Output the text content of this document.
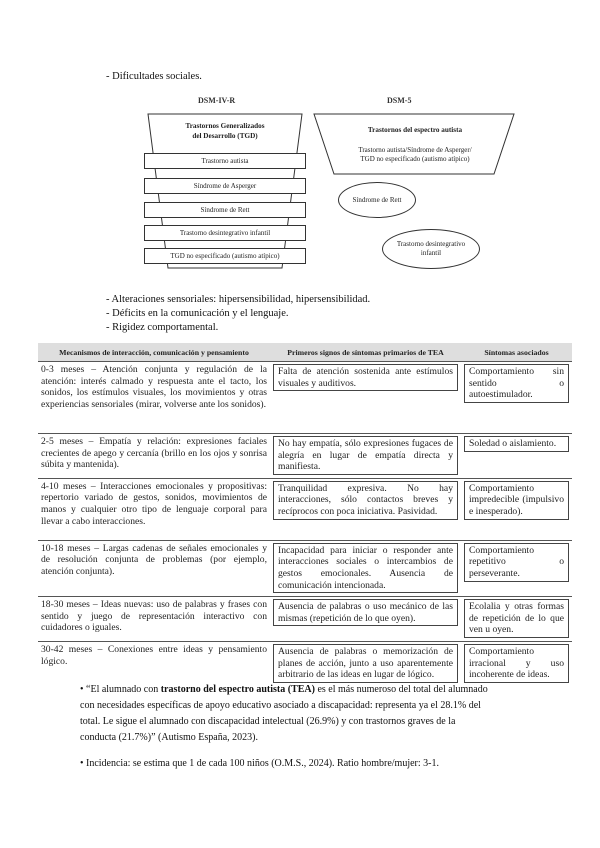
- Dificultades sociales.
DSM-IV-R	DSM-5
Trastornos Generalizados
del Desarrollo (TGD)
Trastorno autista
Síndrome de Asperger
Síndrome de Rett
Trastorno desintegrativo infantil
TGD no especificado (autismo atípico)
Trastornos del espectro autista
Trastorno autista/Síndrome de Asperger/
TGD no especificado (autismo atípico)
Síndrome de Rett
Trastorno desintegrativo
infantil
- Alteraciones sensoriales: hipersensibilidad, hipersensibilidad.
- Déficits en la comunicación y el lenguaje.
- Rigidez comportamental.
Mecanismos de interacción, comunicación y pensamiento	Primeros signos de síntomas primarios de TEA	Síntomas asociados
0-3 meses – Atención conjunta y regulación de la atención: interés calmado y respuesta ante el tacto, los sonidos, los estímulos visuales, los movimientos y otras experiencias sensoriales (mirar, volverse ante los sonidos).	Falta de atención sostenida ante estímulos visuales y auditivos.	Comportamiento sin sentido o autoestimulador.

2-5 meses – Empatía y relación: expresiones faciales crecientes de apego y cercanía (brillo en los ojos y sonrisa súbita y mantenida).	No hay empatía, sólo expresiones fugaces de alegría en lugar de empatía directa y manifiesta.	Soledad o aislamiento.

4-10 meses – Interacciones emocionales y propositivas: repertorio variado de gestos, sonidos, movimientos de manos y cualquier otro tipo de lenguaje corporal para llevar a cabo interacciones.	Tranquilidad expresiva. No hay interacciones, sólo contactos breves y recíprocos con poca iniciativa. Pasividad.	Comportamiento impredecible (impulsivo e inesperado).

10-18 meses – Largas cadenas de señales emocionales y de resolución conjunta de problemas (por ejemplo, atención conjunta).	Incapacidad para iniciar o responder ante interacciones sociales o intercambios de gestos emocionales. Ausencia de comunicación intencionada.	Comportamiento repetitivo o perseverante.

18-30 meses – Ideas nuevas: uso de palabras y frases con sentido y juego de representación interactivo con cuidadores o iguales.	Ausencia de palabras o uso mecánico de las mismas (repetición de lo que oyen).	Ecolalia y otras formas de repetición de lo que ven u oyen.

30-42 meses – Conexiones entre ideas y pensamiento lógico.	Ausencia de palabras o memorización de planes de acción, junto a uso aparentemente arbitrario de las ideas en lugar de lógico.	Comportamiento irracional y uso incoherente de ideas.
• “El alumnado con trastorno del espectro autista (TEA) es el más numeroso del total del alumnado
con necesidades específicas de apoyo educativo asociado a discapacidad: representa ya el 28.1% del
total. Le sigue el alumnado con discapacidad intelectual (26.9%) y con trastornos graves de la
conducta (21.7%)” (Autismo España, 2023).
• Incidencia: se estima que 1 de cada 100 niños (O.M.S., 2024). Ratio hombre/mujer: 3-1.
